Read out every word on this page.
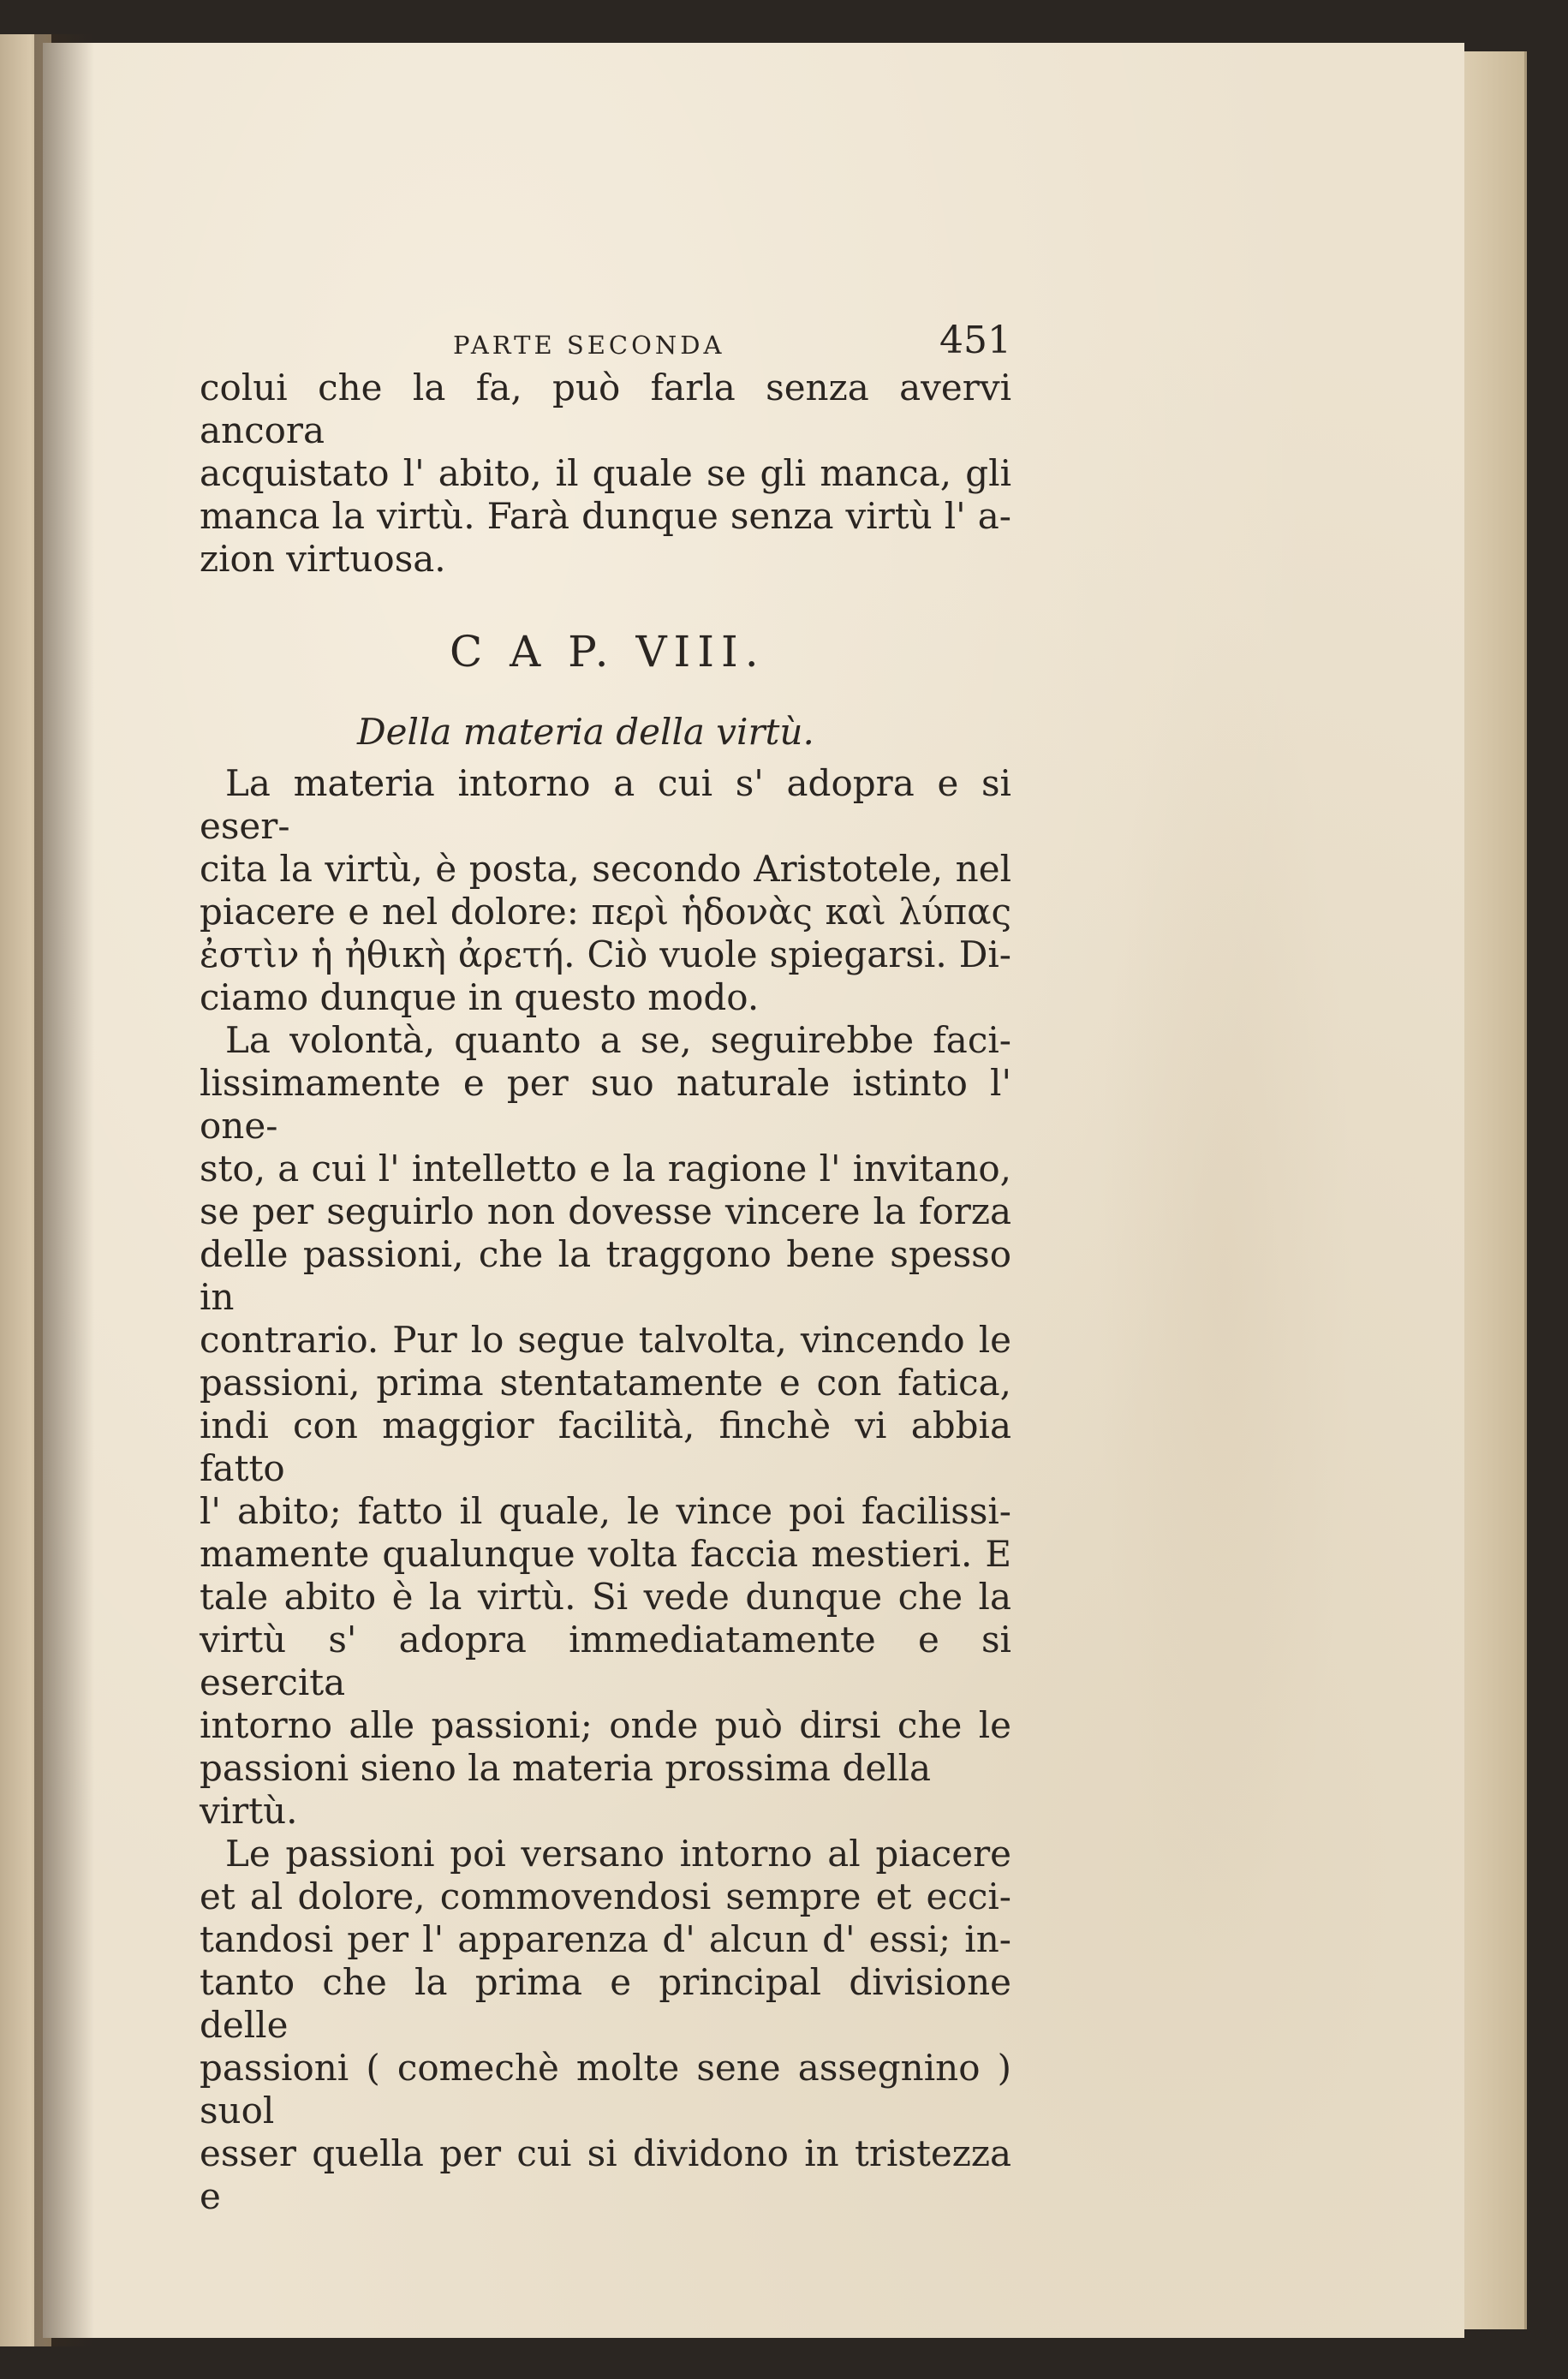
PARTE SECONDA	451

colui che la fa, può farla senza avervi ancora
acquistato l' abito, il quale se gli manca, gli
manca la virtù. Farà dunque senza virtù l' a-
zion virtuosa.

C A P. VIII.
Della materia della virtù.

La materia intorno a cui s' adopra e si eser-
cita la virtù, è posta, secondo Aristotele, nel
piacere e nel dolore: περὶ ἡδονὰς καὶ λύπας
ἐστὶν ἡ ἠθικὴ ἀρετή. Ciò vuole spiegarsi. Di-
ciamo dunque in questo modo.

La volontà, quanto a se, seguirebbe faci-
lissimamente e per suo naturale istinto l' one-
sto, a cui l' intelletto e la ragione l' invitano,
se per seguirlo non dovesse vincere la forza
delle passioni, che la traggono bene spesso in
contrario. Pur lo segue talvolta, vincendo le
passioni, prima stentatamente e con fatica,
indi con maggior facilità, finchè vi abbia fatto
l' abito; fatto il quale, le vince poi facilissi-
mamente qualunque volta faccia mestieri. E
tale abito è la virtù. Si vede dunque che la
virtù s' adopra immediatamente e si esercita
intorno alle passioni; onde può dirsi che le
passioni sieno la materia prossima della virtù.

Le passioni poi versano intorno al piacere
et al dolore, commovendosi sempre et ecci-
tandosi per l' apparenza d' alcun d' essi; in-
tanto che la prima e principal divisione delle
passioni ( comechè molte sene assegnino ) suol
esser quella per cui si dividono in tristezza e
